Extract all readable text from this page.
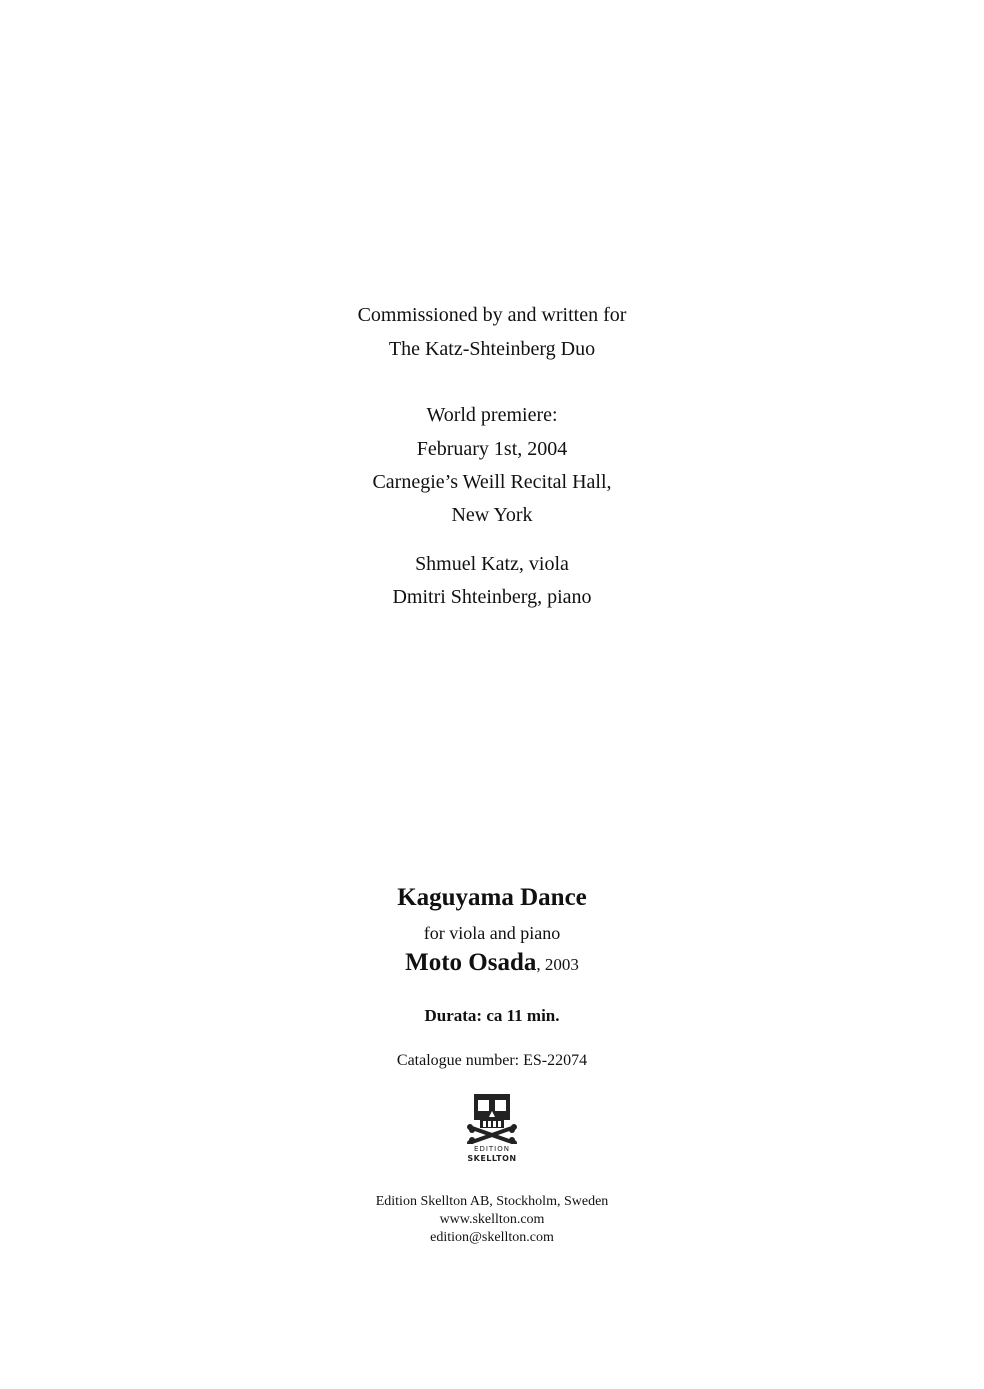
Commissioned by and written for
The Katz-Shteinberg Duo
World premiere:
February 1st, 2004
Carnegie’s Weill Recital Hall,
New York
Shmuel Katz, viola
Dmitri Shteinberg, piano
Kaguyama Dance
for viola and piano
Moto Osada, 2003
Durata: ca 11 min.
Catalogue number: ES-22074
EDITION
SKELLTON
Edition Skellton AB, Stockholm, Sweden
www.skellton.com
edition@skellton.com
